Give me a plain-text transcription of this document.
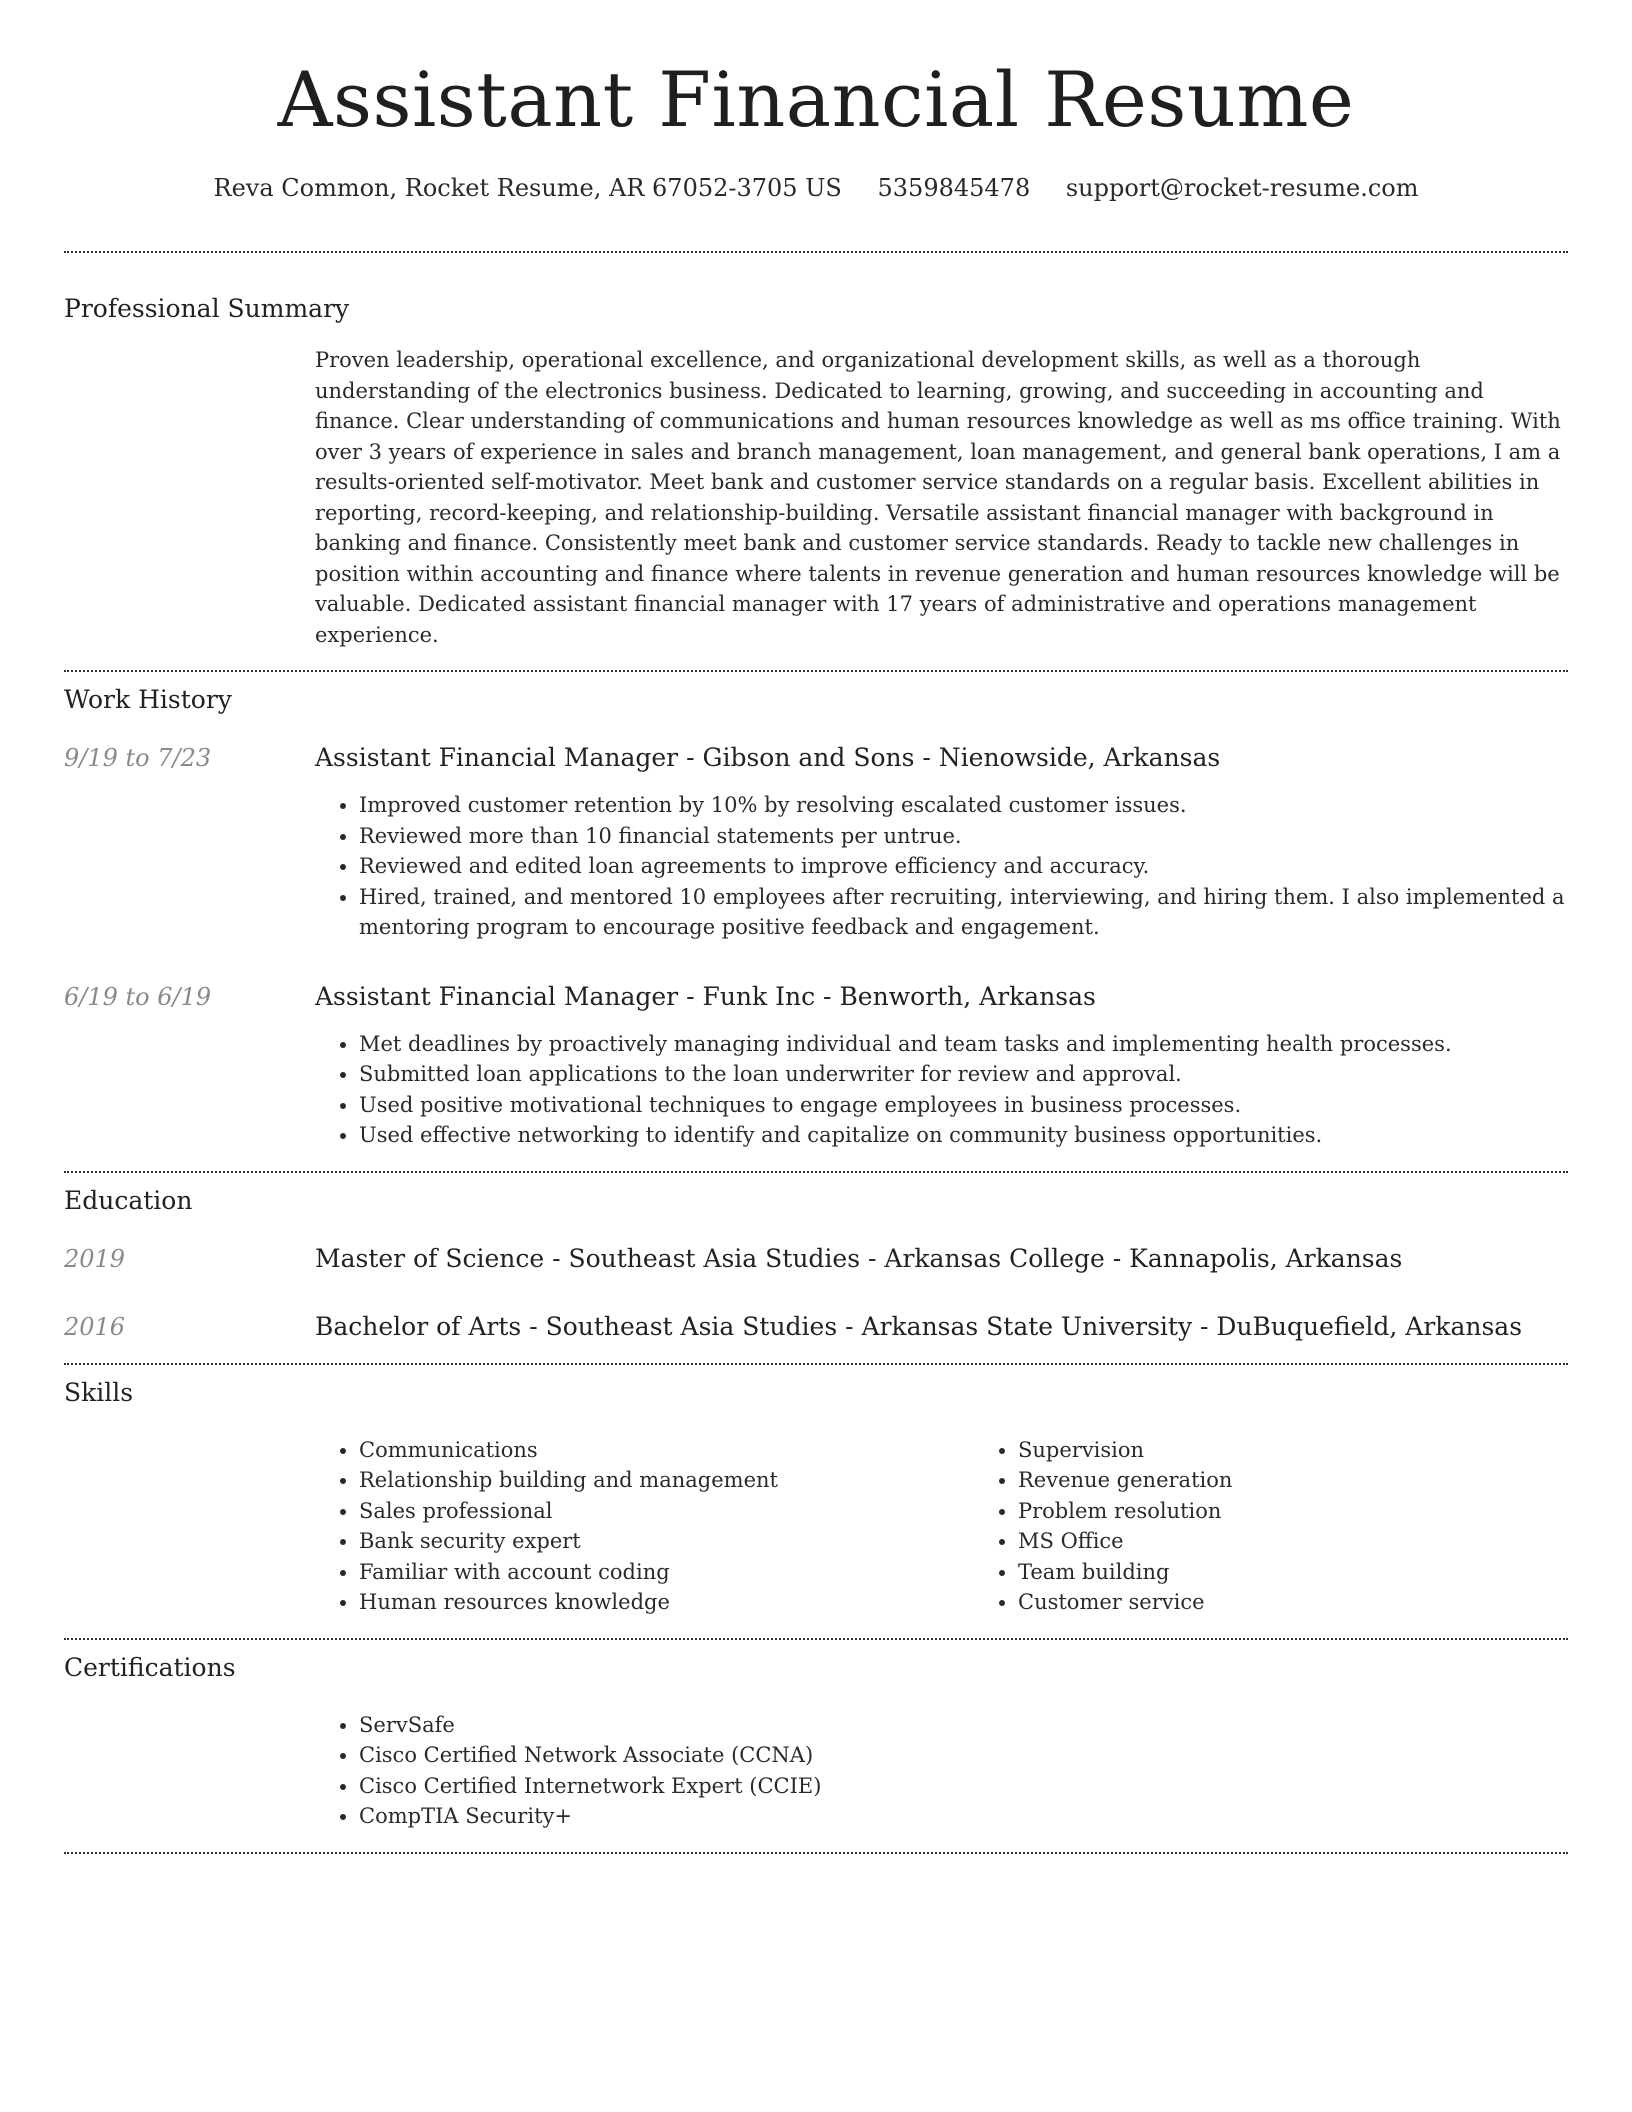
Assistant Financial Resume
Reva Common, Rocket Resume, AR 67052-3705 US 5359845478 support@rocket-resume.com
Professional Summary

Proven leadership, operational excellence, and organizational development skills, as well as a thorough understanding of the electronics business. Dedicated to learning, growing, and succeeding in accounting and finance. Clear understanding of communications and human resources knowledge as well as ms office training. With over 3 years of experience in sales and branch management, loan management, and general bank operations, I am a results-oriented self-motivator. Meet bank and customer service standards on a regular basis. Excellent abilities in reporting, record-keeping, and relationship-building. Versatile assistant financial manager with background in banking and finance. Consistently meet bank and customer service standards. Ready to tackle new challenges in position within accounting and finance where talents in revenue generation and human resources knowledge will be valuable. Dedicated assistant financial manager with 17 years of administrative and operations management experience.

Work History
9/19 to 7/23	Assistant Financial Manager - Gibson and Sons - Nienowside, Arkansas
• Improved customer retention by 10% by resolving escalated customer issues.
• Reviewed more than 10 financial statements per untrue.
• Reviewed and edited loan agreements to improve efficiency and accuracy.
• Hired, trained, and mentored 10 employees after recruiting, interviewing, and hiring them. I also implemented a mentoring program to encourage positive feedback and engagement.
6/19 to 6/19	Assistant Financial Manager - Funk Inc - Benworth, Arkansas
• Met deadlines by proactively managing individual and team tasks and implementing health processes.
• Submitted loan applications to the loan underwriter for review and approval.
• Used positive motivational techniques to engage employees in business processes.
• Used effective networking to identify and capitalize on community business opportunities.
Education
2019	Master of Science - Southeast Asia Studies - Arkansas College - Kannapolis, Arkansas
2016	Bachelor of Arts - Southeast Asia Studies - Arkansas State University - DuBuquefield, Arkansas
Skills
• Communications
• Relationship building and management
• Sales professional
• Bank security expert
• Familiar with account coding
• Human resources knowledge
• Supervision
• Revenue generation
• Problem resolution
• MS Office
• Team building
• Customer service
Certifications
• ServSafe
• Cisco Certified Network Associate (CCNA)
• Cisco Certified Internetwork Expert (CCIE)
• CompTIA Security+
